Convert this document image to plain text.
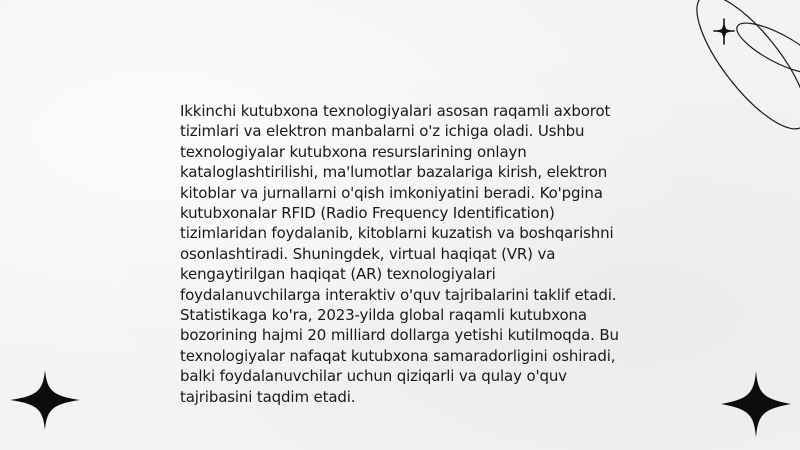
Ikkinchi kutubxona texnologiyalari asosan raqamli axborot tizimlari va elektron manbalarni o'z ichiga oladi. Ushbu texnologiyalar kutubxona resurslarining onlayn kataloglashtirilishi, ma'lumotlar bazalariga kirish, elektron kitoblar va jurnallarni o'qish imkoniyatini beradi. Ko'pgina kutubxonalar RFID (Radio Frequency Identification) tizimlaridan foydalanib, kitoblarni kuzatish va boshqarishni osonlashtiradi. Shuningdek, virtual haqiqat (VR) va kengaytirilgan haqiqat (AR) texnologiyalari foydalanuvchilarga interaktiv o'quv tajribalarini taklif etadi. Statistikaga ko'ra, 2023-yilda global raqamli kutubxona bozorining hajmi 20 milliard dollarga yetishi kutilmoqda. Bu texnologiyalar nafaqat kutubxona samaradorligini oshiradi, balki foydalanuvchilar uchun qiziqarli va qulay o'quv tajribasini taqdim etadi.
